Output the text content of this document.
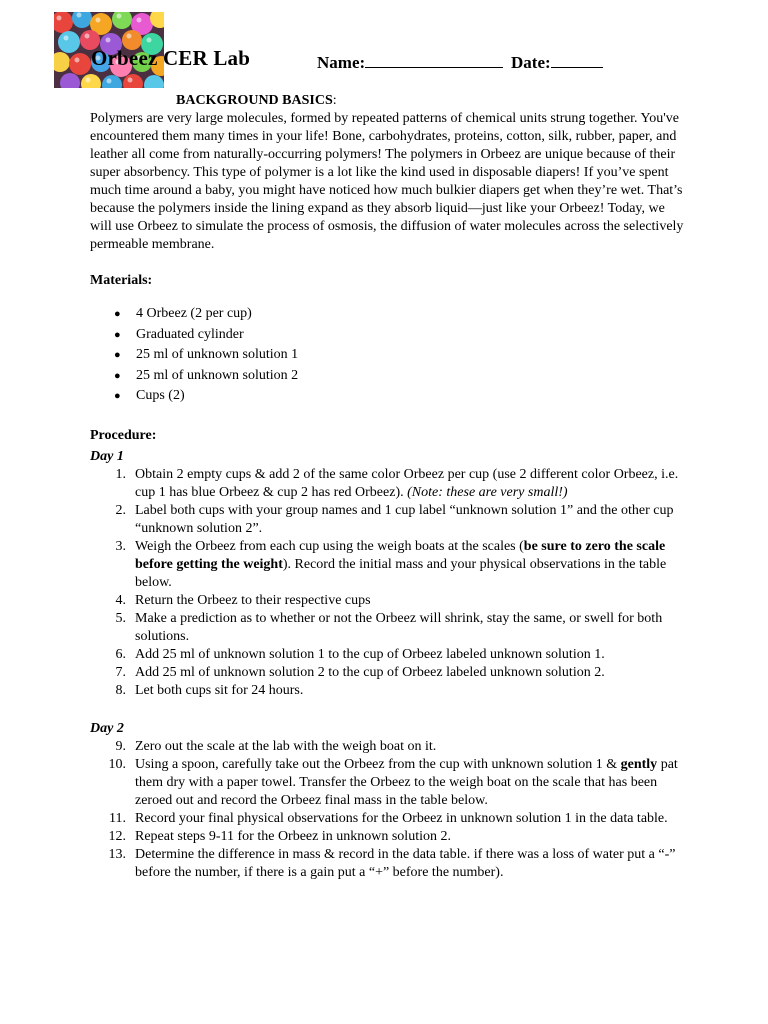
Orbeez CER Lab	Name:	Date:
BACKGROUND BASICS:

Polymers are very large molecules, formed by repeated patterns of chemical units strung together. You've encountered them many times in your life! Bone, carbohydrates, proteins, cotton, silk, rubber, paper, and leather all come from naturally-occurring polymers! The polymers in Orbeez are unique because of their super absorbency. This type of polymer is a lot like the kind used in disposable diapers! If you’ve spent much time around a baby, you might have noticed how much bulkier diapers get when they’re wet. That’s because the polymers inside the lining expand as they absorb liquid—just like your Orbeez! Today, we will use Orbeez to simulate the process of osmosis, the diffusion of water molecules across the selectively permeable membrane.

Materials:
● 4 Orbeez (2 per cup)
● Graduated cylinder
● 25 ml of unknown solution 1
● 25 ml of unknown solution 2
● Cups (2)
Procedure:
Day 1
1. Obtain 2 empty cups & add 2 of the same color Orbeez per cup (use 2 different color Orbeez, i.e. cup 1 has blue Orbeez & cup 2 has red Orbeez). (Note: these are very small!)
2. Label both cups with your group names and 1 cup label “unknown solution 1” and the other cup “unknown solution 2”.
3. Weigh the Orbeez from each cup using the weigh boats at the scales (be sure to zero the scale before getting the weight). Record the initial mass and your physical observations in the table below.
4. Return the Orbeez to their respective cups
5. Make a prediction as to whether or not the Orbeez will shrink, stay the same, or swell for both solutions.
6. Add 25 ml of unknown solution 1 to the cup of Orbeez labeled unknown solution 1.
7. Add 25 ml of unknown solution 2 to the cup of Orbeez labeled unknown solution 2.
8. Let both cups sit for 24 hours.
Day 2
9. Zero out the scale at the lab with the weigh boat on it.
10. Using a spoon, carefully take out the Orbeez from the cup with unknown solution 1 & gently pat them dry with a paper towel. Transfer the Orbeez to the weigh boat on the scale that has been zeroed out and record the Orbeez final mass in the table below.
11. Record your final physical observations for the Orbeez in unknown solution 1 in the data table.
12. Repeat steps 9-11 for the Orbeez in unknown solution 2.
13. Determine the difference in mass & record in the data table. if there was a loss of water put a “-” before the number, if there is a gain put a “+” before the number).
